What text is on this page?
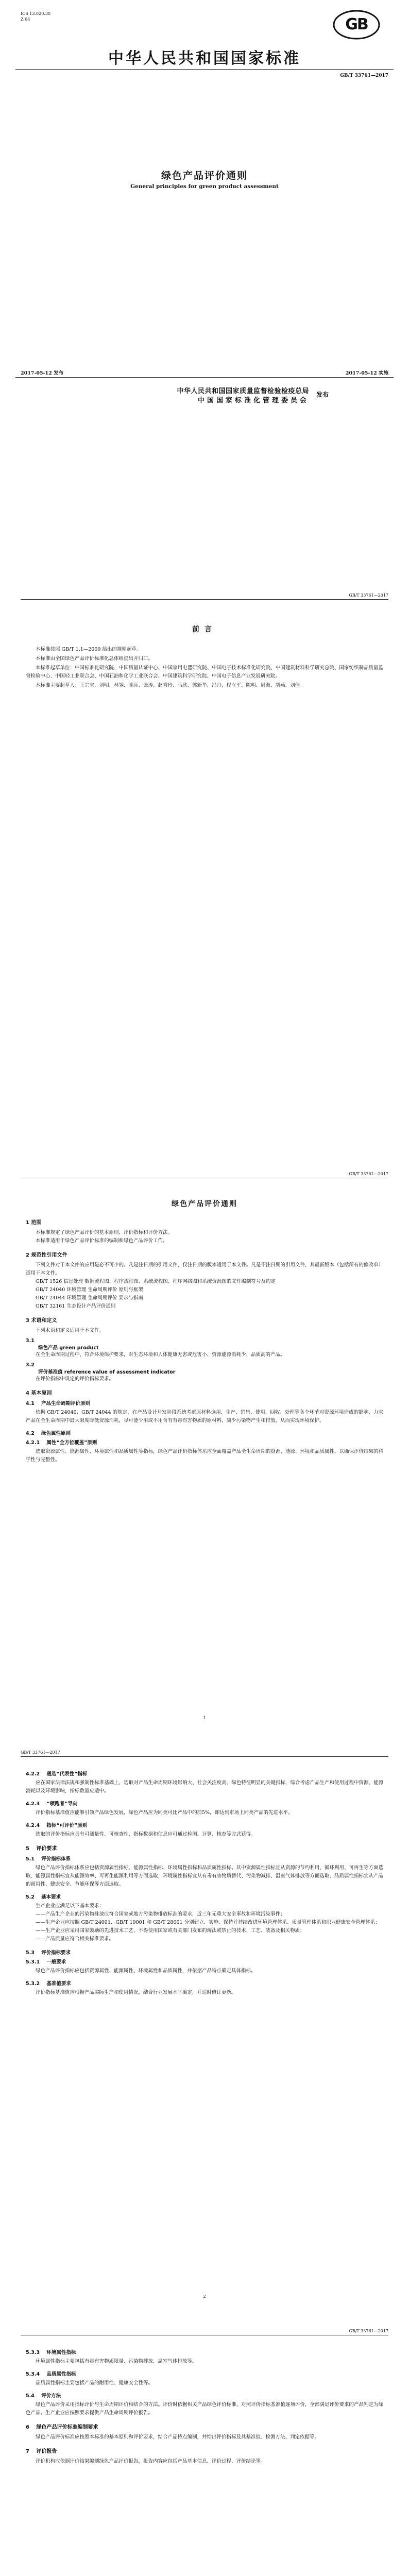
ICS 13.020.30
Z 04	GB
中华人民共和国国家标准
GB/T 33761—2017
绿色产品评价通则
General principles for green product assessment
2017-05-12 发布	2017-05-12 实施
中华人民共和国国家质量监督检验检疫总局
中国国家标准化管理委员会
发布
GB/T 33761—2017
前言

本标准按照 GB/T 1.1—2009 给出的规则起草。

本标准由全国绿色产品评价标准化总体组提出并归口。

本标准起草单位：中国标准化研究院、中国质量认证中心、中国家用电器研究院、中国电子技术标准化研究院、中国建筑材料科学研究总院、国家纺织制品质量监督检验中心、中国轻工业联合会、中国石油和化学工业联合会、中国建筑科学研究院、中国电子信息产业发展研究院。

本标准主要起草人：王宗宝、刘明、林翎、陈亮、张涛、赵秀玲、马欣、郭新华、冯丹、程立平、陈明、周海、胡燕、刘佳。

GB/T 33761—2017
绿色产品评价通则
1 范围

本标准规定了绿色产品评价的基本原则、评价指标和评价方法。

本标准适用于绿色产品评价标准的编制和绿色产品评价工作。

2 规范性引用文件

下列文件对于本文件的应用是必不可少的。凡是注日期的引用文件，仅注日期的版本适用于本文件。凡是不注日期的引用文件，其最新版本（包括所有的修改单）适用于本文件。

GB/T 1526 信息处理 数据流程图、程序流程图、系统流程图、程序网络图和系统资源图的文件编制符号及约定

GB/T 24040 环境管理 生命周期评价 原则与框架

GB/T 24044 环境管理 生命周期评价 要求与指南

GB/T 32161 生态设计产品评价通则

3 术语和定义

下列术语和定义适用于本文件。

3.1
绿色产品 green product

在全生命周期过程中，符合环境保护要求，对生态环境和人体健康无害或危害小、资源能源消耗少、品质高的产品。

3.2
评价基准值 reference value of assessment indicator

在评价指标中设定的评价指标要求。

4 基本原则
4.1 产品生命周期评价原则

依据 GB/T 24040、GB/T 24044 的规定，在产品设计开发阶段系统考虑原材料选用、生产、销售、使用、回收、处理等各个环节对资源环境造成的影响，力求产品在全生命周期中最大限度降低资源消耗，尽可能少用或不用含有有毒有害物质的原材料，减少污染物产生和排放，从而实现环境保护。

4.2 绿色属性原则
4.2.1 属性“全方位覆盖”原则

选取资源属性、能源属性、环境属性和品质属性等指标，绿色产品评价指标体系应全面覆盖产品全生命周期的资源、能源、环境和品质属性，以确保评价结果的科学性与完整性。

1
GB/T 33761—2017
4.2.2 遴选“代表性”指标

应在国家法律法规和强制性标准基础上，选取对产品生命周期环境影响大、社会关注度高、绿色特征明显的关键指标，综合考虑产品生产和使用过程中资源、能源消耗以及环境影响，指标数量应适中。

4.2.3 “领跑者”导向

评价指标基准值应能够引领产品绿色发展，绿色产品应为同类可比产品中的前5%，即达到市场上同类产品的先进水平。

4.2.4 指标“可评价”原则

选取的评价指标应具有可测量性、可核查性，指标数据和信息应可通过检测、计算、核查等方式获得。

5 评价要求
5.1 评价指标体系

绿色产品评价指标体系应包括资源属性指标、能源属性指标、环境属性指标和品质属性指标。其中资源属性指标宜从资源的节约利用、循环利用、可再生等方面选取，能源属性指标宜从能源效率、可再生能源利用等方面选取，环境属性指标宜从有毒有害物质替代、污染物减排、温室气体排放等方面选取，品质属性指标宜从产品的耐用性、健康安全、节能环保等方面选取。

5.2 基本要求

生产企业应满足以下基本要求：

——产品生产企业的污染物排放应符合国家或地方污染物排放标准的要求，近三年无重大安全事故和环境污染事件；

——生产企业应按照 GB/T 24001、GB/T 19001 和 GB/T 28001 分别建立、实施、保持并持续改进环境管理体系、质量管理体系和职业健康安全管理体系；

——生产企业应采用国家鼓励的先进技术工艺，不得使用国家或有关部门发布的淘汰或禁止的技术、工艺、装备及相关物质；

——产品质量应符合相关标准要求。

5.3 评价指标要求
5.3.1 一般要求

绿色产品评价指标应包括资源属性、能源属性、环境属性和品质属性，并依据产品特点确定具体指标。

5.3.2 基准值要求

评价指标基准值应根据产品实际生产和使用情况，结合行业发展水平确定，并适时修订更新。

2
GB/T 33761—2017
5.3.3 环境属性指标

环境属性指标主要包括有毒有害物质限量、污染物排放、温室气体排放等。

5.3.4 品质属性指标

品质属性指标主要包括产品的耐用性、健康安全性等。

5.4 评价方法

绿色产品评价采用指标评价与生命周期评价相结合的方法。评价时依据相关产品绿色评价标准，对照评价指标基准值逐项评价，全部满足评价要求的产品判定为绿色产品。生产企业应按照要求提供产品生命周期评价报告。

6 绿色产品评价标准编制要求

绿色产品评价标准应按照本标准的基本原则和评价要求，结合产品特点编制，并给出评价指标及其基准值、检测方法、判定依据等。

7 评价报告

评价机构应依据评价结果编制绿色产品评价报告，报告内容应包括产品基本信息、评价过程、评价结论等。
